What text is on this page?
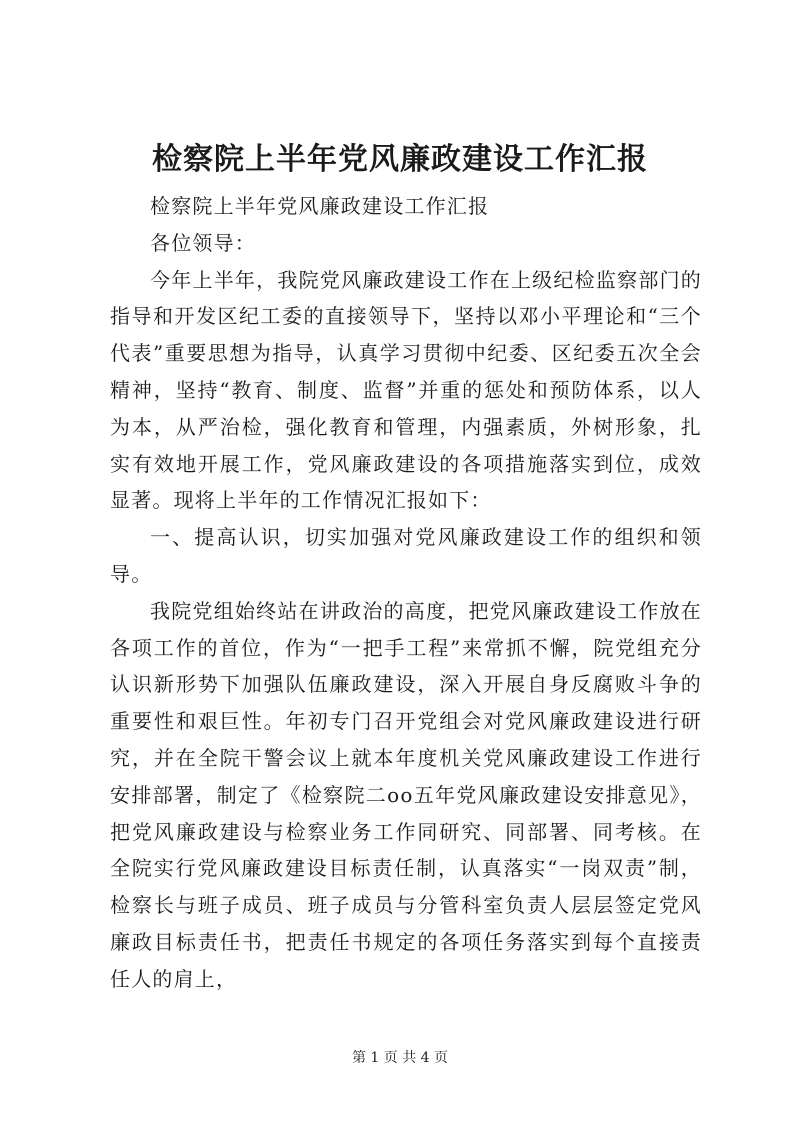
检察院上半年党风廉政建设工作汇报

检察院上半年党风廉政建设工作汇报

各位领导：

今年上半年，我院党风廉政建设工作在上级纪检监察部门的指导和开发区纪工委的直接领导下，坚持以邓小平理论和“三个代表”重要思想为指导，认真学习贯彻中纪委、区纪委五次全会精神，坚持“教育、制度、监督”并重的惩处和预防体系，以人为本，从严治检，强化教育和管理，内强素质，外树形象，扎实有效地开展工作，党风廉政建设的各项措施落实到位，成效显著。现将上半年的工作情况汇报如下：

一、提高认识，切实加强对党风廉政建设工作的组织和领导。

我院党组始终站在讲政治的高度，把党风廉政建设工作放在各项工作的首位，作为“一把手工程”来常抓不懈，院党组充分认识新形势下加强队伍廉政建设，深入开展自身反腐败斗争的重要性和艰巨性。年初专门召开党组会对党风廉政建设进行研究，并在全院干警会议上就本年度机关党风廉政建设工作进行安排部署，制定了《检察院二oo五年党风廉政建设安排意见》，把党风廉政建设与检察业务工作同研究、同部署、同考核。在全院实行党风廉政建设目标责任制，认真落实“一岗双责”制，检察长与班子成员、班子成员与分管科室负责人层层签定党风廉政目标责任书，把责任书规定的各项任务落实到每个直接责任人的肩上，

第 1 页 共 4 页
